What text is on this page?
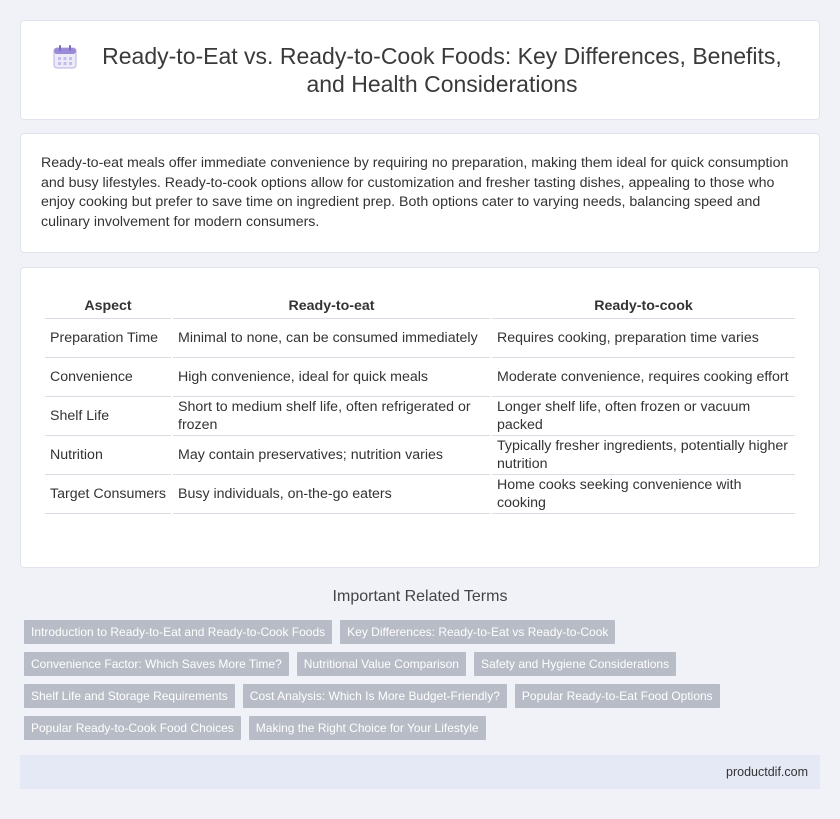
Ready-to-Eat vs. Ready-to-Cook Foods: Key Differences, Benefits, and Health Considerations

Ready-to-eat meals offer immediate convenience by requiring no preparation, making them ideal for quick consumption and busy lifestyles. Ready-to-cook options allow for customization and fresher tasting dishes, appealing to those who enjoy cooking but prefer to save time on ingredient prep. Both options cater to varying needs, balancing speed and culinary involvement for modern consumers.

Aspect	Ready-to-eat	Ready-to-cook
Preparation Time	Minimal to none, can be consumed immediately	Requires cooking, preparation time varies
Convenience	High convenience, ideal for quick meals	Moderate convenience, requires cooking effort
Shelf Life	Short to medium shelf life, often refrigerated or frozen	Longer shelf life, often frozen or vacuum packed
Nutrition	May contain preservatives; nutrition varies	Typically fresher ingredients, potentially higher nutrition
Target Consumers	Busy individuals, on-the-go eaters	Home cooks seeking convenience with cooking
Important Related Terms
Introduction to Ready-to-Eat and Ready-to-Cook Foods	Key Differences: Ready-to-Eat vs Ready-to-Cook
Convenience Factor: Which Saves More Time?	Nutritional Value Comparison	Safety and Hygiene Considerations
Shelf Life and Storage Requirements	Cost Analysis: Which Is More Budget-Friendly?	Popular Ready-to-Eat Food Options
Popular Ready-to-Cook Food Choices	Making the Right Choice for Your Lifestyle
productdif.com
